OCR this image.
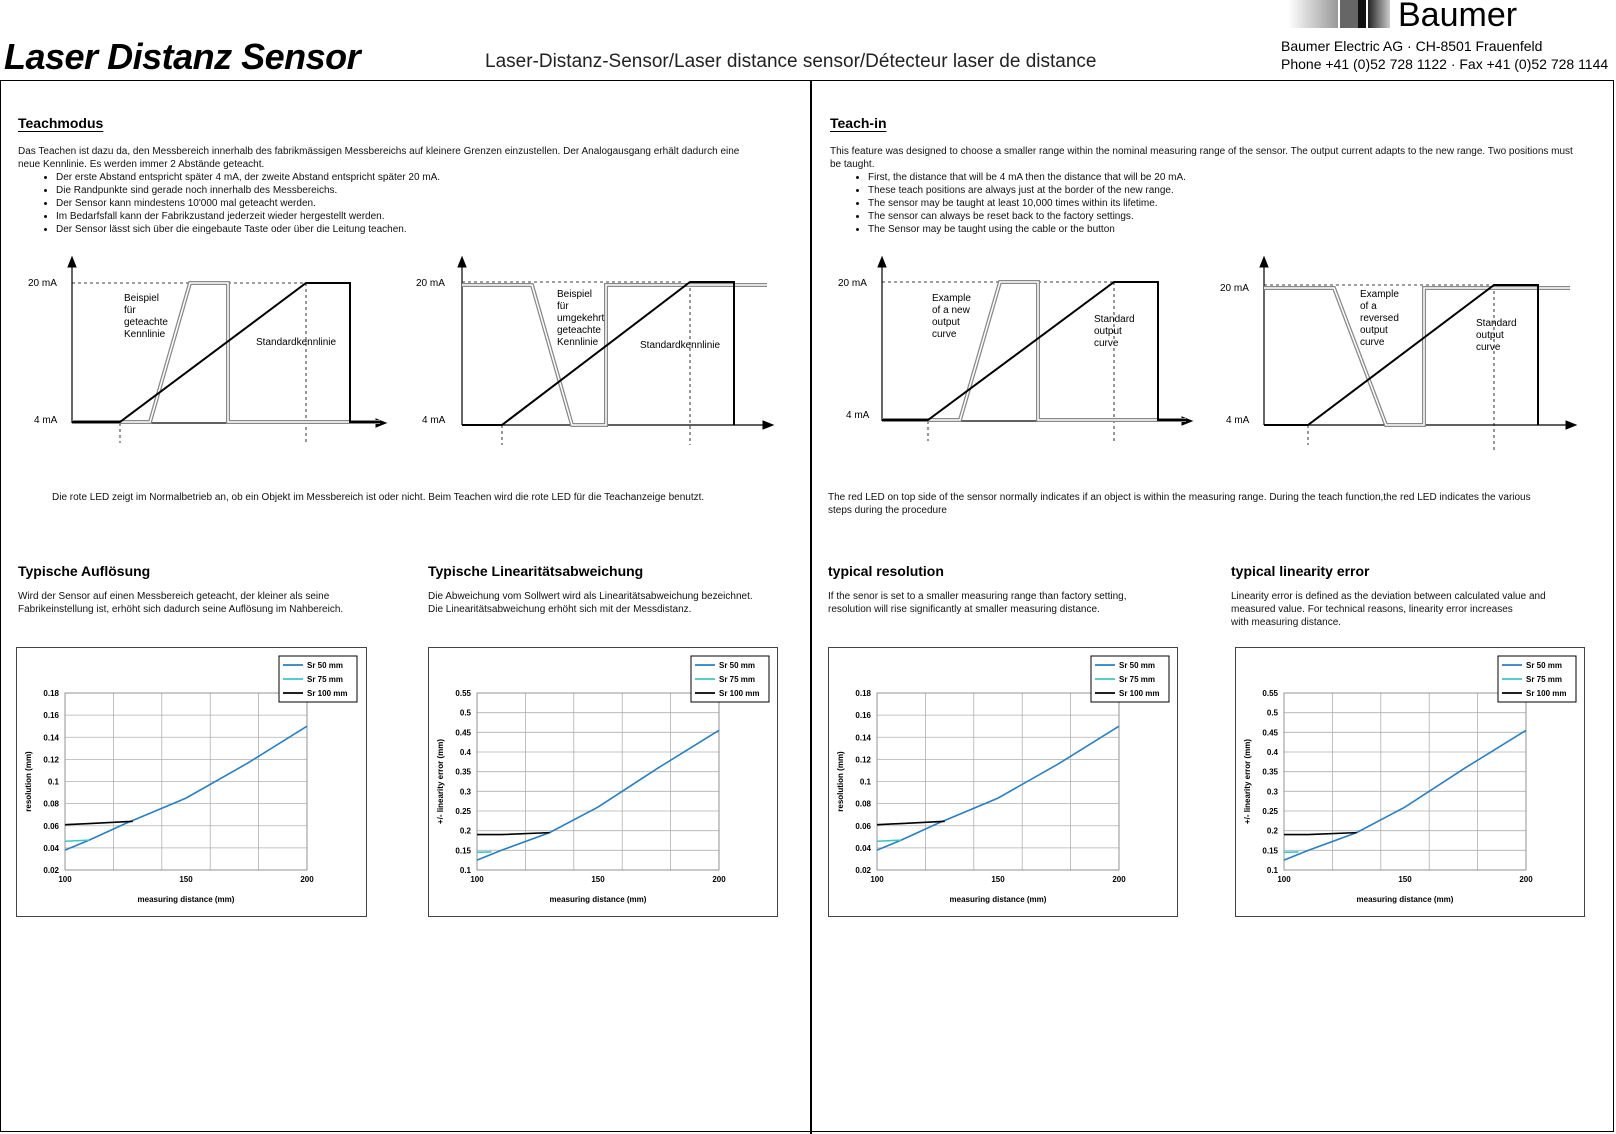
Laser Distanz Sensor	Laser-Distanz-Sensor/Laser distance sensor/Détecteur laser de distance
Baumer
Baumer Electric AG · CH-8501 Frauenfeld
Phone +41 (0)52 728 1122 · Fax +41 (0)52 728 1144
Teachmodus

Das Teachen ist dazu da, den Messbereich innerhalb des fabrikmässigen Messbereichs auf kleinere Grenzen einzustellen. Der Analogausgang erhält dadurch eine neue Kennlinie. Es werden immer 2 Abstände geteacht.

• Der erste Abstand entspricht später 4 mA, der zweite Abstand entspricht später 20 mA.
• Die Randpunkte sind gerade noch innerhalb des Messbereichs.
• Der Sensor kann mindestens 10'000 mal geteacht werden.
• Im Bedarfsfall kann der Fabrikzustand jederzeit wieder hergestellt werden.
• Der Sensor lässt sich über die eingebaute Taste oder über die Leitung teachen.
20 mA
4 mA
Beispiel für geteachte Kennlinie
Standardkennlinie
20 mA
4 mA
Beispiel für umgekehrt geteachte Kennlinie	Standardkennlinie
Die rote LED zeigt im Normalbetrieb an, ob ein Objekt im Messbereich ist oder nicht. Beim Teachen wird die rote LED für die Teachanzeige benutzt.
Typische Auflösung
Wird der Sensor auf einen Messbereich geteacht, der kleiner als seine
Fabrikeinstellung ist, erhöht sich dadurch seine Auflösung im Nahbereich.
Typische Linearitätsabweichung
Die Abweichung vom Sollwert wird als Linearitätsabweichung bezeichnet.
Die Linearitätsabweichung erhöht sich mit der Messdistanz.
Teach-in

This feature was designed to choose a smaller range within the nominal measuring range of the sensor. The output current adapts to the new range. Two positions must be taught.

• First, the distance that will be 4 mA then the distance that will be 20 mA.
• These teach positions are always just at the border of the new range.
• The sensor may be taught at least 10,000 times within its lifetime.
• The sensor can always be reset back to the factory settings.
• The Sensor may be taught using the cable or the button
20 mA
4 mA
Example of a new output curve
Standard output curve
20 mA
4 mA
Example of a reversed output curve
Standard output curve
The red LED on top side of the sensor normally indicates if an object is within the measuring range. During the teach function,the red LED indicates the various
steps during the procedure
typical resolution
If the senor is set to a smaller measuring range than factory setting,
resolution will rise significantly at smaller measuring distance.
typical linearity error
Linearity error is defined as the deviation between calculated value and
measured value. For technical reasons, linearity error increases
with measuring distance.
0.02
0.04
0.06
0.08
0.1
0.12
0.14
0.16
0.18
100	150	200
measuring distance (mm)
resolution (mm)
Sr 50 mm
Sr 75 mm
Sr 100 mm
0.1
0.15
0.2
0.25
0.3
0.35
0.4
0.45
0.5
0.55
100	150	200
measuring distance (mm)
+/- linearity error (mm)
Sr 50 mm
Sr 75 mm
Sr 100 mm
0.02
0.04
0.06
0.08
0.1
0.12
0.14
0.16
0.18
100	150	200
measuring distance (mm)
resolution (mm)
Sr 50 mm
Sr 75 mm
Sr 100 mm
0.1
0.15
0.2
0.25
0.3
0.35
0.4
0.45
0.5
0.55
100	150	200
measuring distance (mm)
+/- linearity error (mm)
Sr 50 mm
Sr 75 mm
Sr 100 mm
